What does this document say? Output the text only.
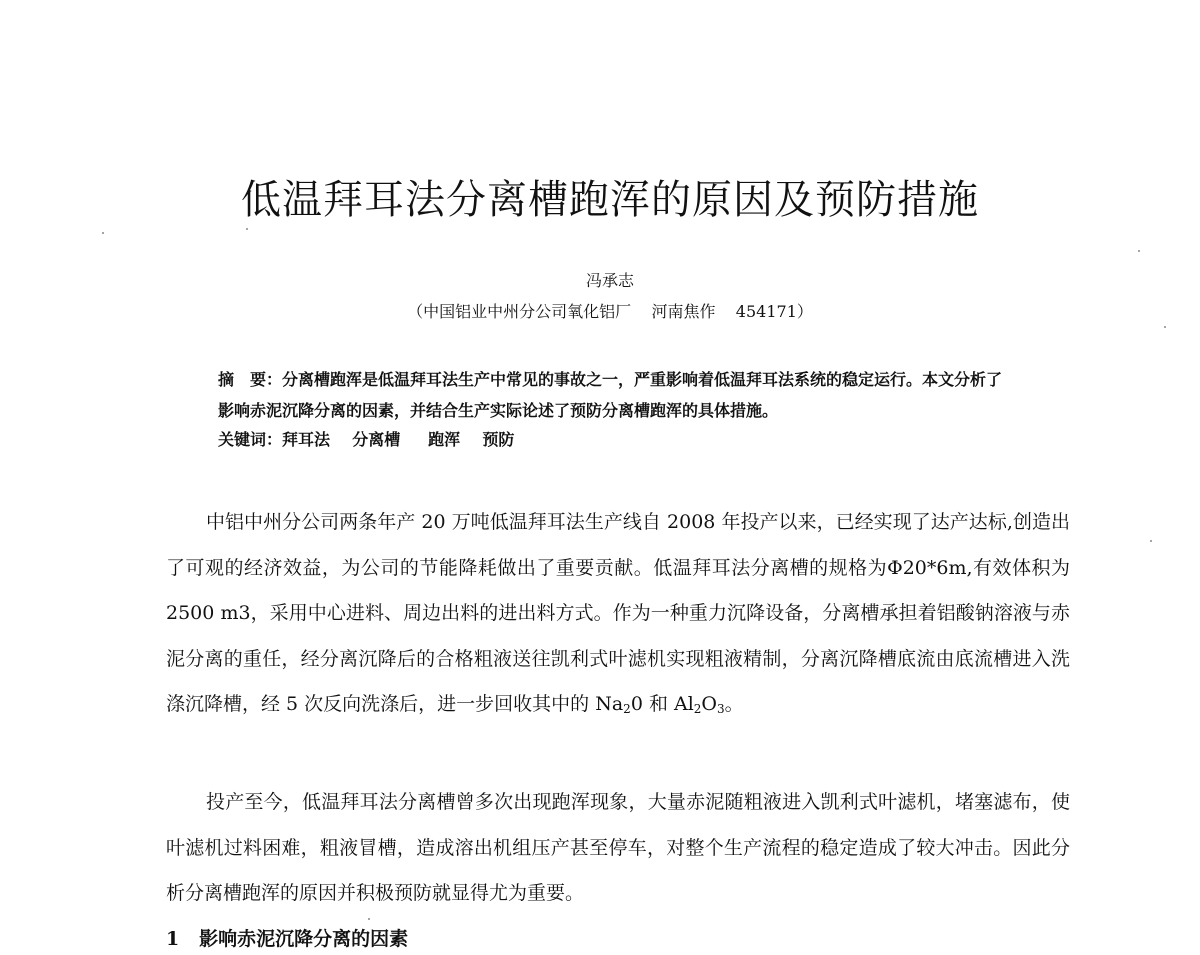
低温拜耳法分离槽跑浑的原因及预防措施
冯承志
（中国铝业中州分公司氧化铝厂    河南焦作    454171）
摘　要：分离槽跑浑是低温拜耳法生产中常见的事故之一，严重影响着低温拜耳法系统的稳定运行。本文分析了影响赤泥沉降分离的因素，并结合生产实际论述了预防分离槽跑浑的具体措施。
关键词：拜耳法    分离槽     跑浑    预防

中铝中州分公司两条年产 20 万吨低温拜耳法生产线自 2008 年投产以来，已经实现了达产达标,创造出了可观的经济效益，为公司的节能降耗做出了重要贡献。低温拜耳法分离槽的规格为Φ20*6m,有效体积为 2500 m3，采用中心进料、周边出料的进出料方式。作为一种重力沉降设备，分离槽承担着铝酸钠溶液与赤泥分离的重任，经分离沉降后的合格粗液送往凯利式叶滤机实现粗液精制，分离沉降槽底流由底流槽进入洗涤沉降槽，经 5 次反向洗涤后，进一步回收其中的 $Na_20$ 和 $Al_2O_3$。

投产至今，低温拜耳法分离槽曾多次出现跑浑现象，大量赤泥随粗液进入凯利式叶滤机，堵塞滤布，使叶滤机过料困难，粗液冒槽，造成溶出机组压产甚至停车，对整个生产流程的稳定造成了较大冲击。因此分析分离槽跑浑的原因并积极预防就显得尤为重要。

1   影响赤泥沉降分离的因素
